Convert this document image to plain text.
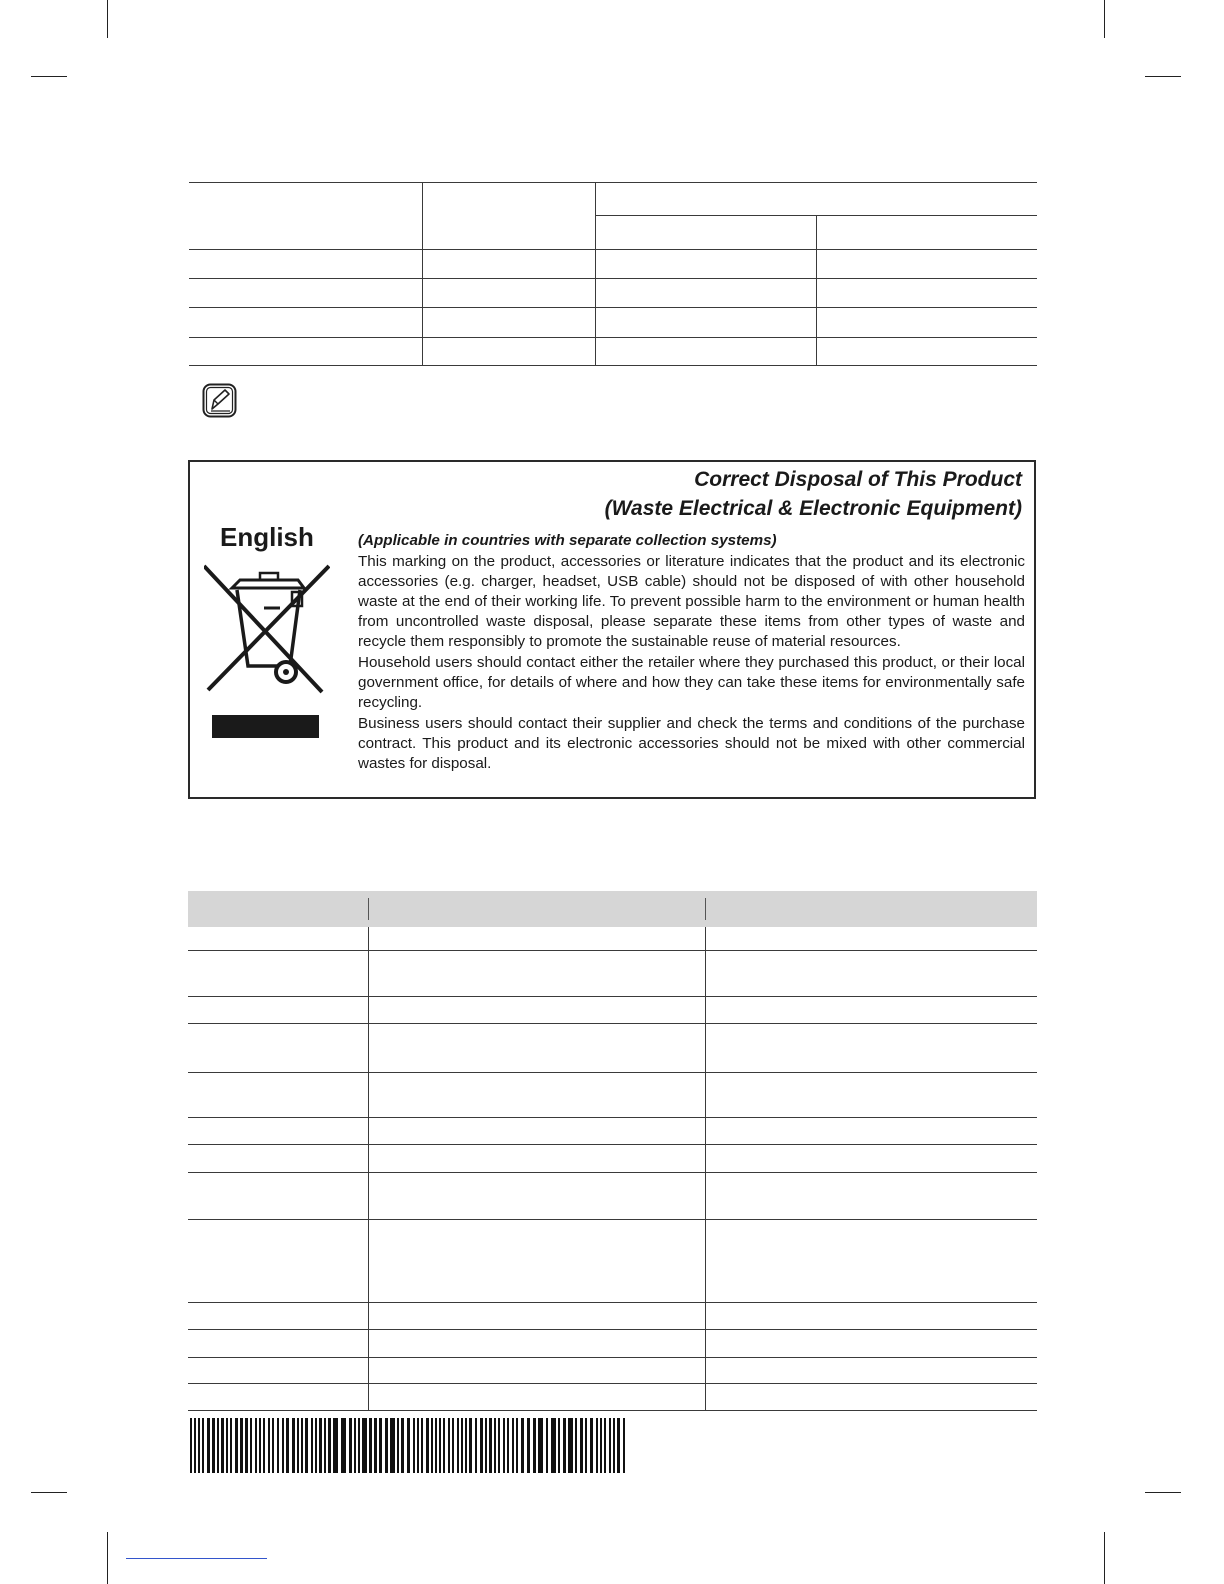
Correct Disposal of This Product
(Waste Electrical & Electronic Equipment)
English	(Applicable in countries with separate collection systems)

This marking on the product, accessories or literature indicates that the product and its electronic accessories (e.g. charger, headset, USB cable) should not be disposed of with other household waste at the end of their working life. To prevent possible harm to the environment or human health from uncontrolled waste disposal, please separate these items from other types of waste and recycle them responsibly to promote the sustainable reuse of material resources.

Household users should contact either the retailer where they purchased this product, or their local government office, for details of where and how they can take these items for environmentally safe recycling.

Business users should contact their supplier and check the terms and conditions of the purchase contract. This product and its electronic accessories should not be mixed with other commercial wastes for disposal.
